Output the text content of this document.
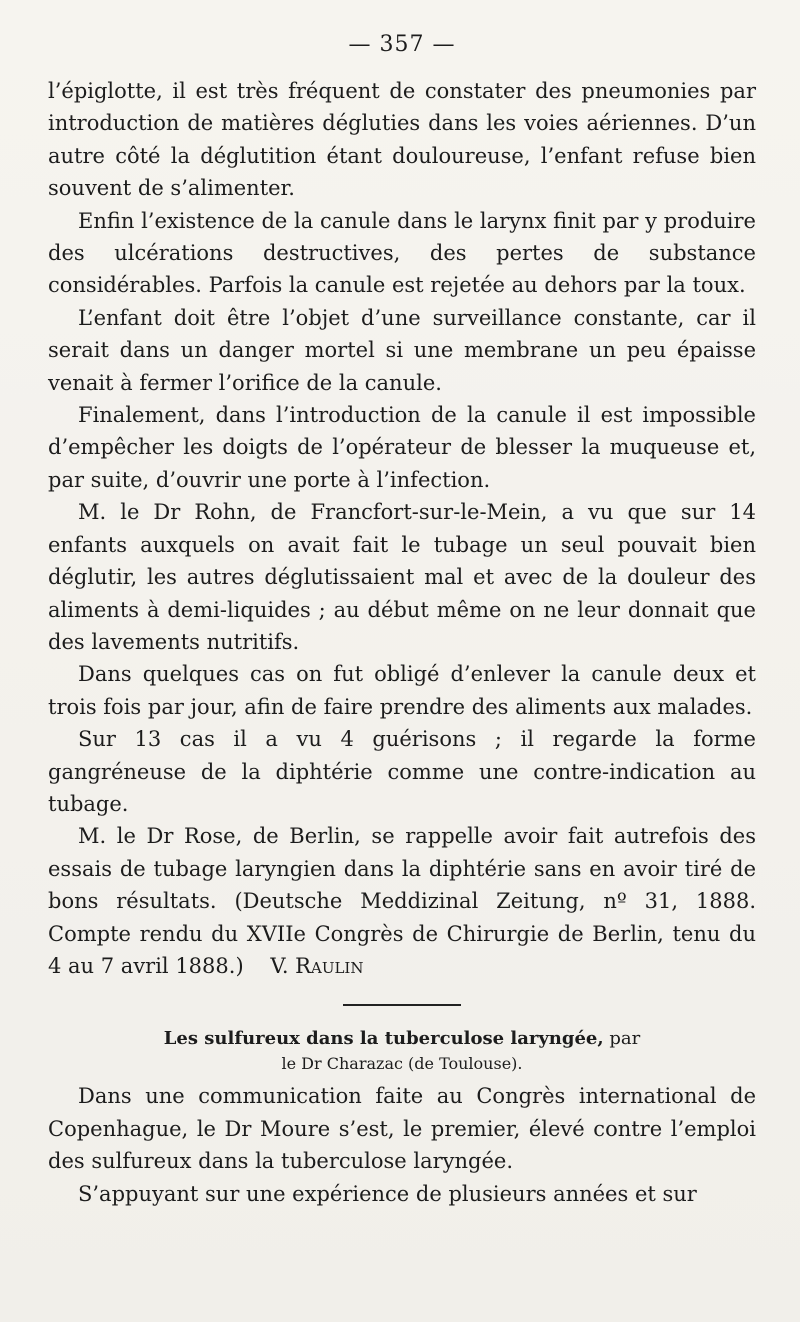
— 357 —

l’épiglotte, il est très fréquent de constater des pneumonies par introduction de matières dégluties dans les voies aériennes. D’un autre côté la déglutition étant douloureuse, l’enfant refuse bien souvent de s’alimenter.

Enfin l’existence de la canule dans le larynx finit par y produire des ulcérations destructives, des pertes de substance considérables. Parfois la canule est rejetée au dehors par la toux.

L’enfant doit être l’objet d’une surveillance constante, car il serait dans un danger mortel si une membrane un peu épaisse venait à fermer l’orifice de la canule.

Finalement, dans l’introduction de la canule il est impossible d’empêcher les doigts de l’opérateur de blesser la muqueuse et, par suite, d’ouvrir une porte à l’infection.

M. le Dr Rohn, de Francfort-sur-le-Mein, a vu que sur 14 enfants auxquels on avait fait le tubage un seul pouvait bien déglutir, les autres déglutissaient mal et avec de la douleur des aliments à demi-liquides ; au début même on ne leur donnait que des lavements nutritifs.

Dans quelques cas on fut obligé d’enlever la canule deux et trois fois par jour, afin de faire prendre des aliments aux malades.

Sur 13 cas il a vu 4 guérisons ; il regarde la forme gangréneuse de la diphtérie comme une contre-indication au tubage.

M. le Dr Rose, de Berlin, se rappelle avoir fait autrefois des essais de tubage laryngien dans la diphtérie sans en avoir tiré de bons résultats. (Deutsche Meddizinal Zeitung, nº 31, 1888. Compte rendu du XVIIe Congrès de Chirurgie de Berlin, tenu du 4 au 7 avril 1888.) V. Raulin

Les sulfureux dans la tuberculose laryngée, par

le Dr Charazac (de Toulouse).

Dans une communication faite au Congrès international de Copenhague, le Dr Moure s’est, le premier, élevé contre l’emploi des sulfureux dans la tuberculose laryngée.

S’appuyant sur une expérience de plusieurs années et sur
